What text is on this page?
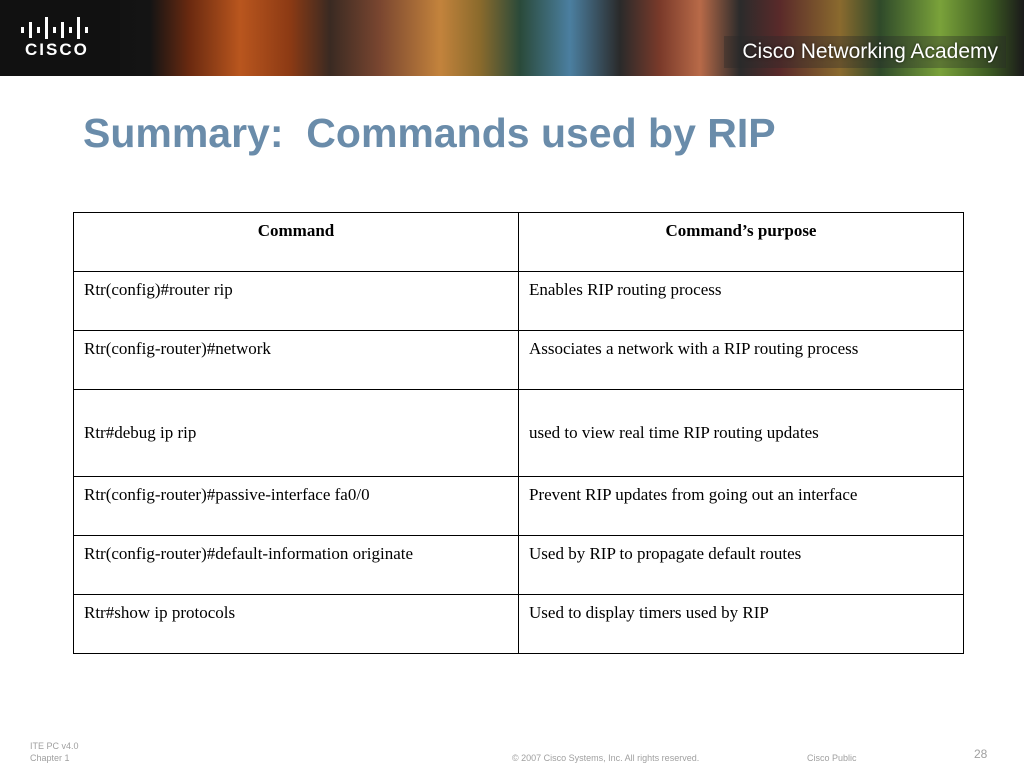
CISCO	Cisco Networking Academy
Summary:  Commands used by RIP
Command	Command’s purpose
Rtr(config)#router rip	Enables RIP routing process
Rtr(config-router)#network	Associates a network with a RIP routing process
Rtr#debug ip rip	used to view real time RIP routing updates
Rtr(config-router)#passive-interface fa0/0	Prevent RIP updates from going out an interface
Rtr(config-router)#default-information originate	Used by RIP to propagate default routes
Rtr#show ip protocols	Used to display timers used by RIP
ITE PC v4.0
Chapter 1	© 2007 Cisco Systems, Inc. All rights reserved.	Cisco Public	28
